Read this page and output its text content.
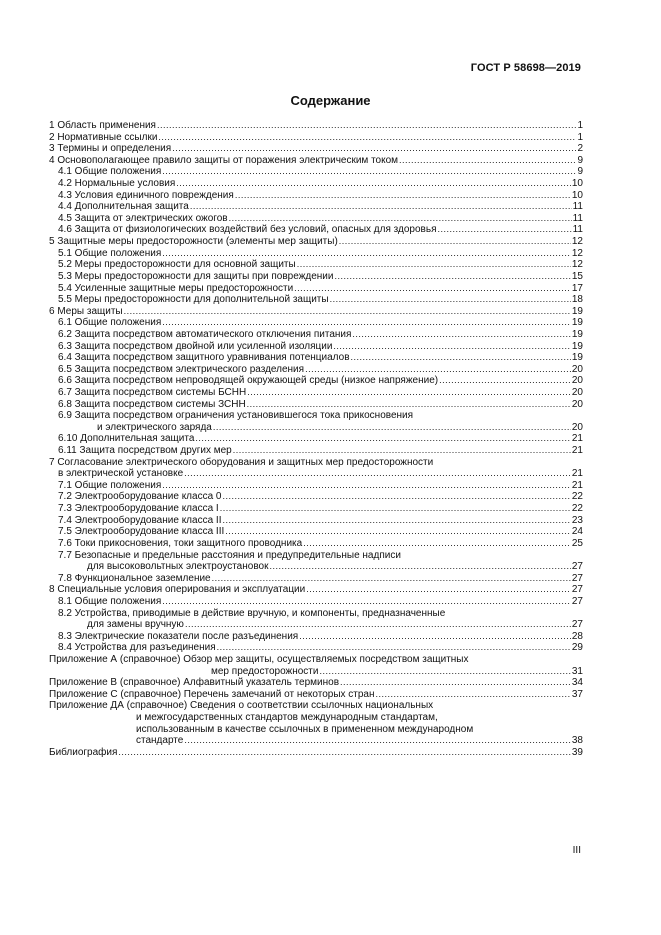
ГОСТ Р 58698—2019
Содержание
1 Область применения .....	1
2 Нормативные ссылки .....	1
3 Термины и определения .....	2
4 Основополагающее правило защиты от поражения электрическим током .....	9
4.1 Общие положения .....	9
4.2 Нормальные условия .....	10
4.3 Условия единичного повреждения .....	10
4.4 Дополнительная защита .....	11
4.5 Защита от электрических ожогов .....	11
4.6 Защита от физиологических воздействий без условий, опасных для здоровья .....	11
5 Защитные меры предосторожности (элементы мер защиты) .....	12
5.1 Общие положения .....	12
5.2 Меры предосторожности для основной защиты .....	12
5.3 Меры предосторожности для защиты при повреждении .....	15
5.4 Усиленные защитные меры предосторожности .....	17
5.5 Меры предосторожности для дополнительной защиты .....	18
6 Меры защиты .....	19
6.1 Общие положения .....	19
6.2 Защита посредством автоматического отключения питания .....	19
6.3 Защита посредством двойной или усиленной изоляции .....	19
6.4 Защита посредством защитного уравнивания потенциалов .....	19
6.5 Защита посредством электрического разделения .....	20
6.6 Защита посредством непроводящей окружающей среды (низкое напряжение) .....	20
6.7 Защита посредством системы БСНН .....	20
6.8 Защита посредством системы ЗСНН .....	20
6.9 Защита посредством ограничения установившегося тока прикосновения
и электрического заряда .....	20
6.10 Дополнительная защита .....	21
6.11 Защита посредством других мер .....	21
7 Согласование электрического оборудования и защитных мер предосторожности
в электрической установке .....	21
7.1 Общие положения .....	21
7.2 Электрооборудование класса 0 .....	22
7.3 Электрооборудование класса I .....	22
7.4 Электрооборудование класса II .....	23
7.5 Электрооборудование класса III .....	24
7.6 Токи прикосновения, токи защитного проводника .....	25
7.7 Безопасные и предельные расстояния и предупредительные надписи
для высоковольтных электроустановок .....	27
7.8 Функциональное заземление .....	27
8 Специальные условия оперирования и эксплуатации .....	27
8.1 Общие положения .....	27
8.2 Устройства, приводимые в действие вручную, и компоненты, предназначенные
для замены вручную .....	27
8.3 Электрические показатели после разъединения .....	28
8.4 Устройства для разъединения .....	29
Приложение А (справочное) Обзор мер защиты, осуществляемых посредством защитных
мер предосторожности .....	31
Приложение В (справочное) Алфавитный указатель терминов .....	34
Приложение С (справочное) Перечень замечаний от некоторых стран .....	37
Приложение ДА (справочное) Сведения о соответствии ссылочных национальных
и межгосударственных стандартов международным стандартам,
использованным в качестве ссылочных в примененном международном
стандарте .....	38
Библиография .....	39
III
